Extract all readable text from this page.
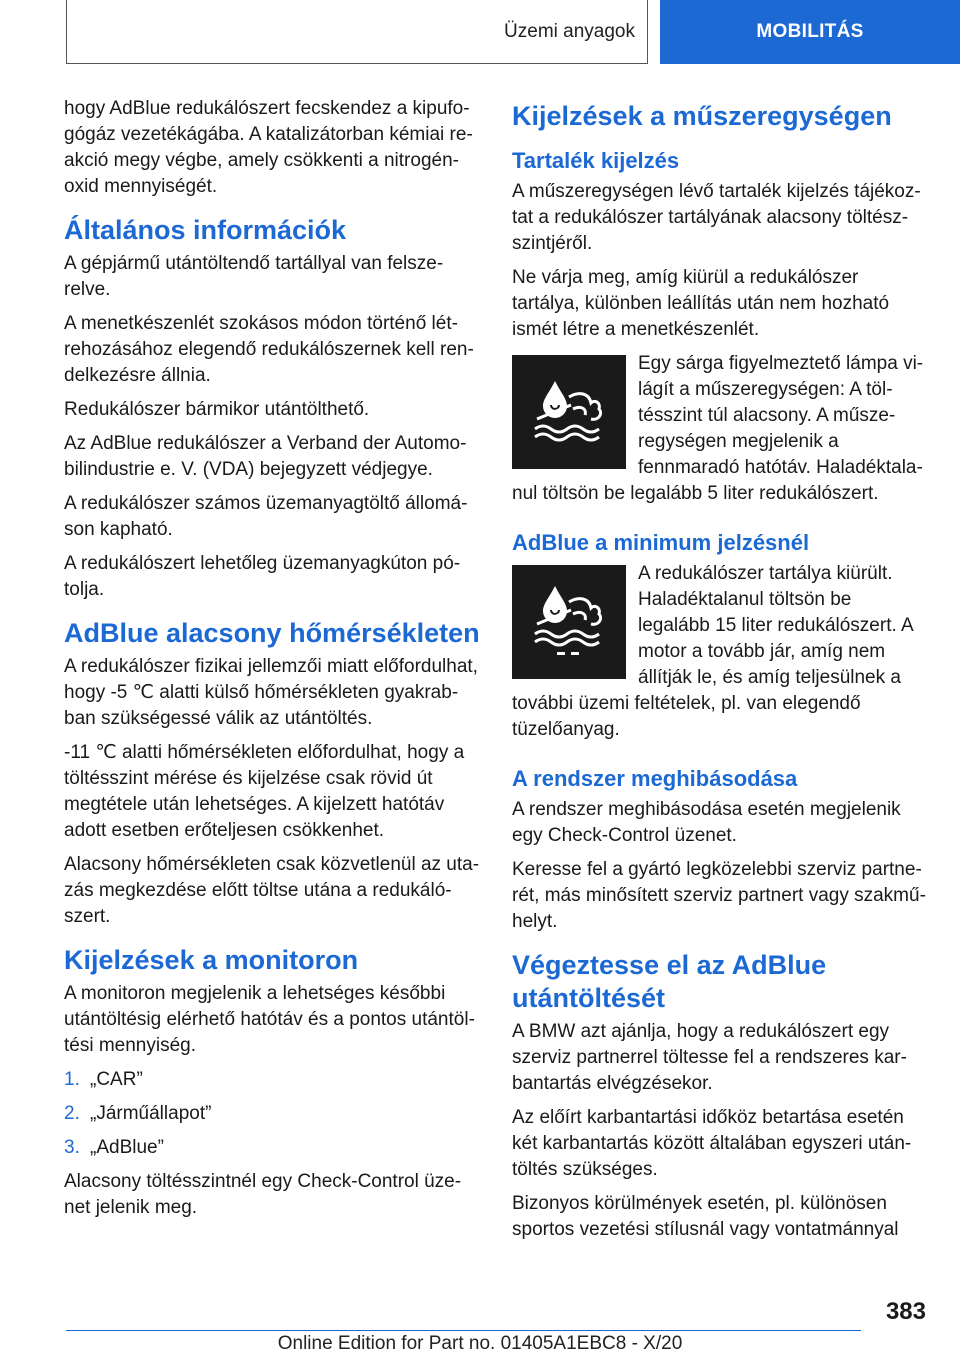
Üzemi anyagok	MOBILITÁS

hogy AdBlue redukálószert fecskendez a kipufogógáz vezetékágába. A katalizátorban kémiai reakció megy végbe, amely csökkenti a nitrogénoxid mennyiségét.

Általános információk

A gépjármű utántöltendő tartállyal van felszerelve.

A menetkészenlét szokásos módon történő létrehozásához elegendő redukálószernek kell rendelkezésre állnia.

Redukálószer bármikor utántölthető.

Az AdBlue redukálószer a Verband der Automobilindustrie e. V. (VDA) bejegyzett védjegye.

A redukálószer számos üzemanyagtöltő állomáson kapható.

A redukálószert lehetőleg üzemanyagkúton pótolja.

AdBlue alacsony hőmérsékleten

A redukálószer fizikai jellemzői miatt előfordulhat, hogy -5 ℃ alatti külső hőmérsékleten gyakrabban szükségessé válik az utántöltés.

-11 ℃ alatti hőmérsékleten előfordulhat, hogy a töltésszint mérése és kijelzése csak rövid út megtétele után lehetséges. A kijelzett hatótáv adott esetben erőteljesen csökkenhet.

Alacsony hőmérsékleten csak közvetlenül az utazás megkezdése előtt töltse utána a redukálószert.

Kijelzések a monitoron

A monitoron megjelenik a lehetséges későbbi utántöltésig elérhető hatótáv és a pontos utántöltési mennyiség.

1. „CAR”
2. „Járműállapot”
3. „AdBlue”

Alacsony töltésszintnél egy Check-Control üzenet jelenik meg.

Kijelzések a műszeregységen
Tartalék kijelzés

A műszeregységen lévő tartalék kijelzés tájékoztat a redukálószer tartályának alacsony töltészszintjéről.

Ne várja meg, amíg kiürül a redukálószer tartálya, különben leállítás után nem hozható ismét létre a menetkészenlét.

Egy sárga figyelmeztető lámpa világít a műszeregységen: A töltésszint túl alacsony. A műszeregységen megjelenik a fennmaradó hatótáv. Haladéktalanul töltsön be legalább 5 liter redukálószert.

AdBlue a minimum jelzésnél

A redukálószer tartálya kiürült. Haladéktalanul töltsön be legalább 15 liter redukálószert. A motor a tovább jár, amíg nem állítják le, és amíg teljesülnek a további üzemi feltételek, pl. van elegendő tüzelőanyag.

A rendszer meghibásodása

A rendszer meghibásodása esetén megjelenik egy Check-Control üzenet.

Keresse fel a gyártó legközelebbi szerviz partnerét, más minősített szerviz partnert vagy szakműhelyt.

Végeztesse el az AdBlue utántöltését

A BMW azt ajánlja, hogy a redukálószert egy szerviz partnerrel töltesse fel a rendszeres karbantartás elvégzésekor.

Az előírt karbantartási időköz betartása esetén két karbantartás között általában egyszeri utántöltés szükséges.

Bizonyos körülmények esetén, pl. különösen sportos vezetési stílusnál vagy vontatmánnyal

383
Online Edition for Part no. 01405A1EBC8 - X/20
